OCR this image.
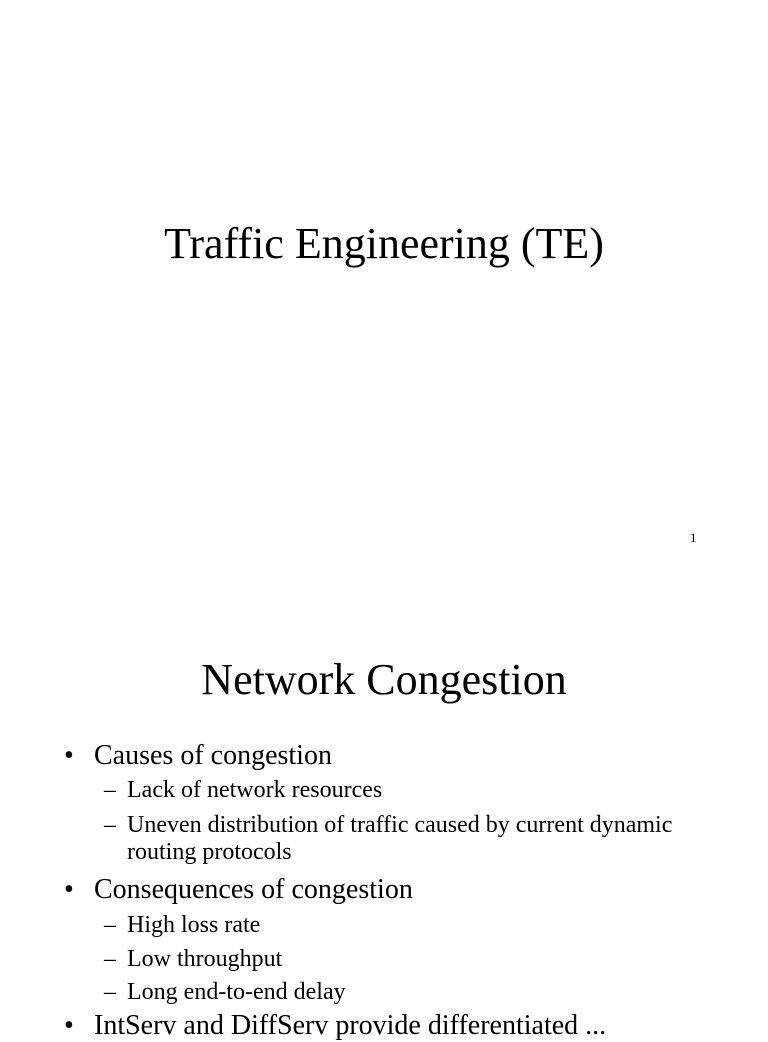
Traffic Engineering (TE)
1
Network Congestion
• Causes of congestion
– Lack of network resources
– Uneven distribution of traffic caused by current dynamic routing protocols
• Consequences of congestion
– High loss rate
– Low throughput
– Long end-to-end delay
• IntServ and DiffServ provide differentiated ...
